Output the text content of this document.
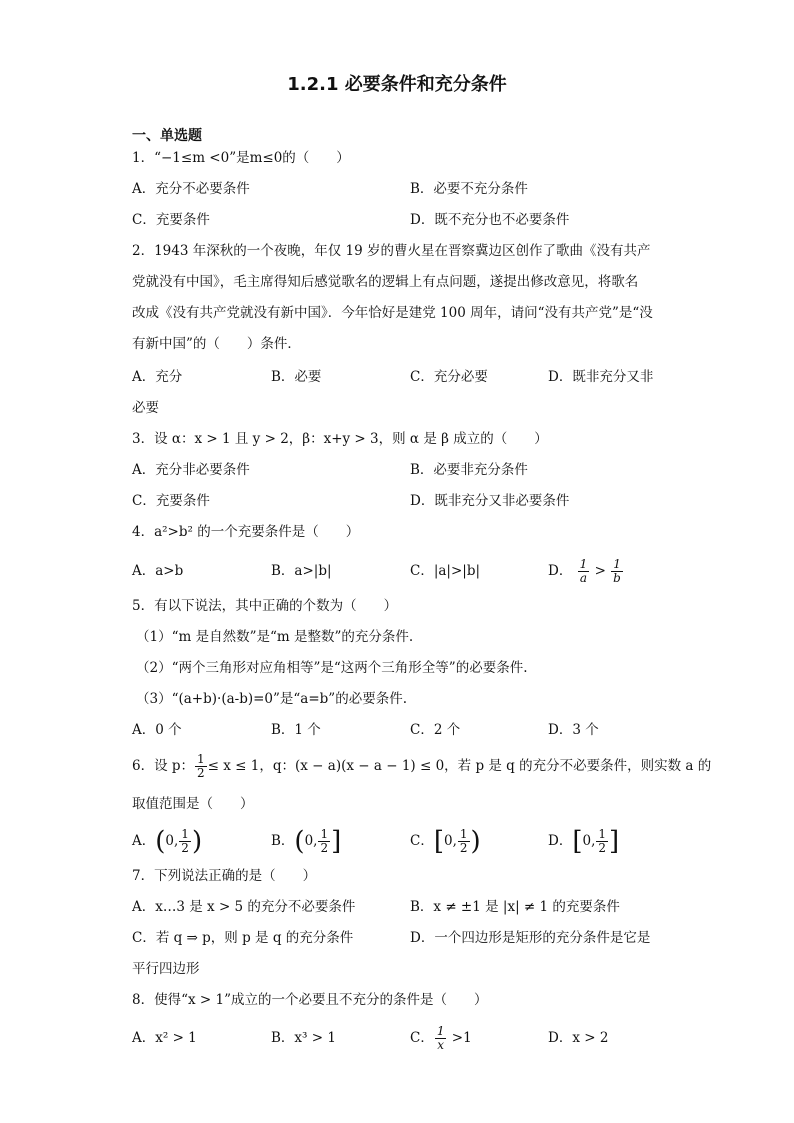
1.2.1 必要条件和充分条件
一、单选题
1．“−1≤m <0”是m≤0的（　　）
A．充分不必要条件	B．必要不充分条件
C．充要条件	D．既不充分也不必要条件
2．1943 年深秋的一个夜晚，年仅 19 岁的曹火星在晋察冀边区创作了歌曲《没有共产
党就没有中国》，毛主席得知后感觉歌名的逻辑上有点问题，遂提出修改意见，将歌名
改成《没有共产党就没有新中国》．今年恰好是建党 100 周年，请问“没有共产党”是“没
有新中国”的（　　）条件．
A．充分	B．必要	C．充分必要	D．既非充分又非
必要
3．设 α：x > 1 且 y > 2，β：x+y > 3，则 α 是 β 成立的（　　）
A．充分非必要条件	B．必要非充分条件
C．充要条件	D．既非充分又非必要条件
4．a²>b² 的一个充要条件是（　　）
A．a>b	B．a>|b|	C．|a|>|b|	D． $\frac{1}{a} > \frac{1}{b}$
5．有以下说法，其中正确的个数为（　　）
（1）“m 是自然数”是“m 是整数”的充分条件.
（2）“两个三角形对应角相等”是“这两个三角形全等”的必要条件.
（3）“(a+b)·(a-b)=0”是“a=b”的必要条件.
A．0 个	B．1 个	C．2 个	D．3 个
6．设 p： $\frac{1}{2} \le x \le 1$，q：(x − a)(x − a − 1) ≤ 0，若 p 是 q 的充分不必要条件，则实数 a 的
取值范围是（　　）
A．(0, $\frac{1}{2}$ )	B．(0, $\frac{1}{2}$ ]	C．[0, $\frac{1}{2}$ )	D．[0, $\frac{1}{2}$ ]
7．下列说法正确的是（　　）
A．x…3 是 x > 5 的充分不必要条件	B．x ≠ ±1 是 |x| ≠ 1 的充要条件
C．若 q ⇒ p，则 p 是 q 的充分条件	D．一个四边形是矩形的充分条件是它是
平行四边形
8．使得“x > 1”成立的一个必要且不充分的条件是（　　）
A．x² > 1	B．x³ > 1	C． $\frac{1}{x} >1$	D．x > 2
